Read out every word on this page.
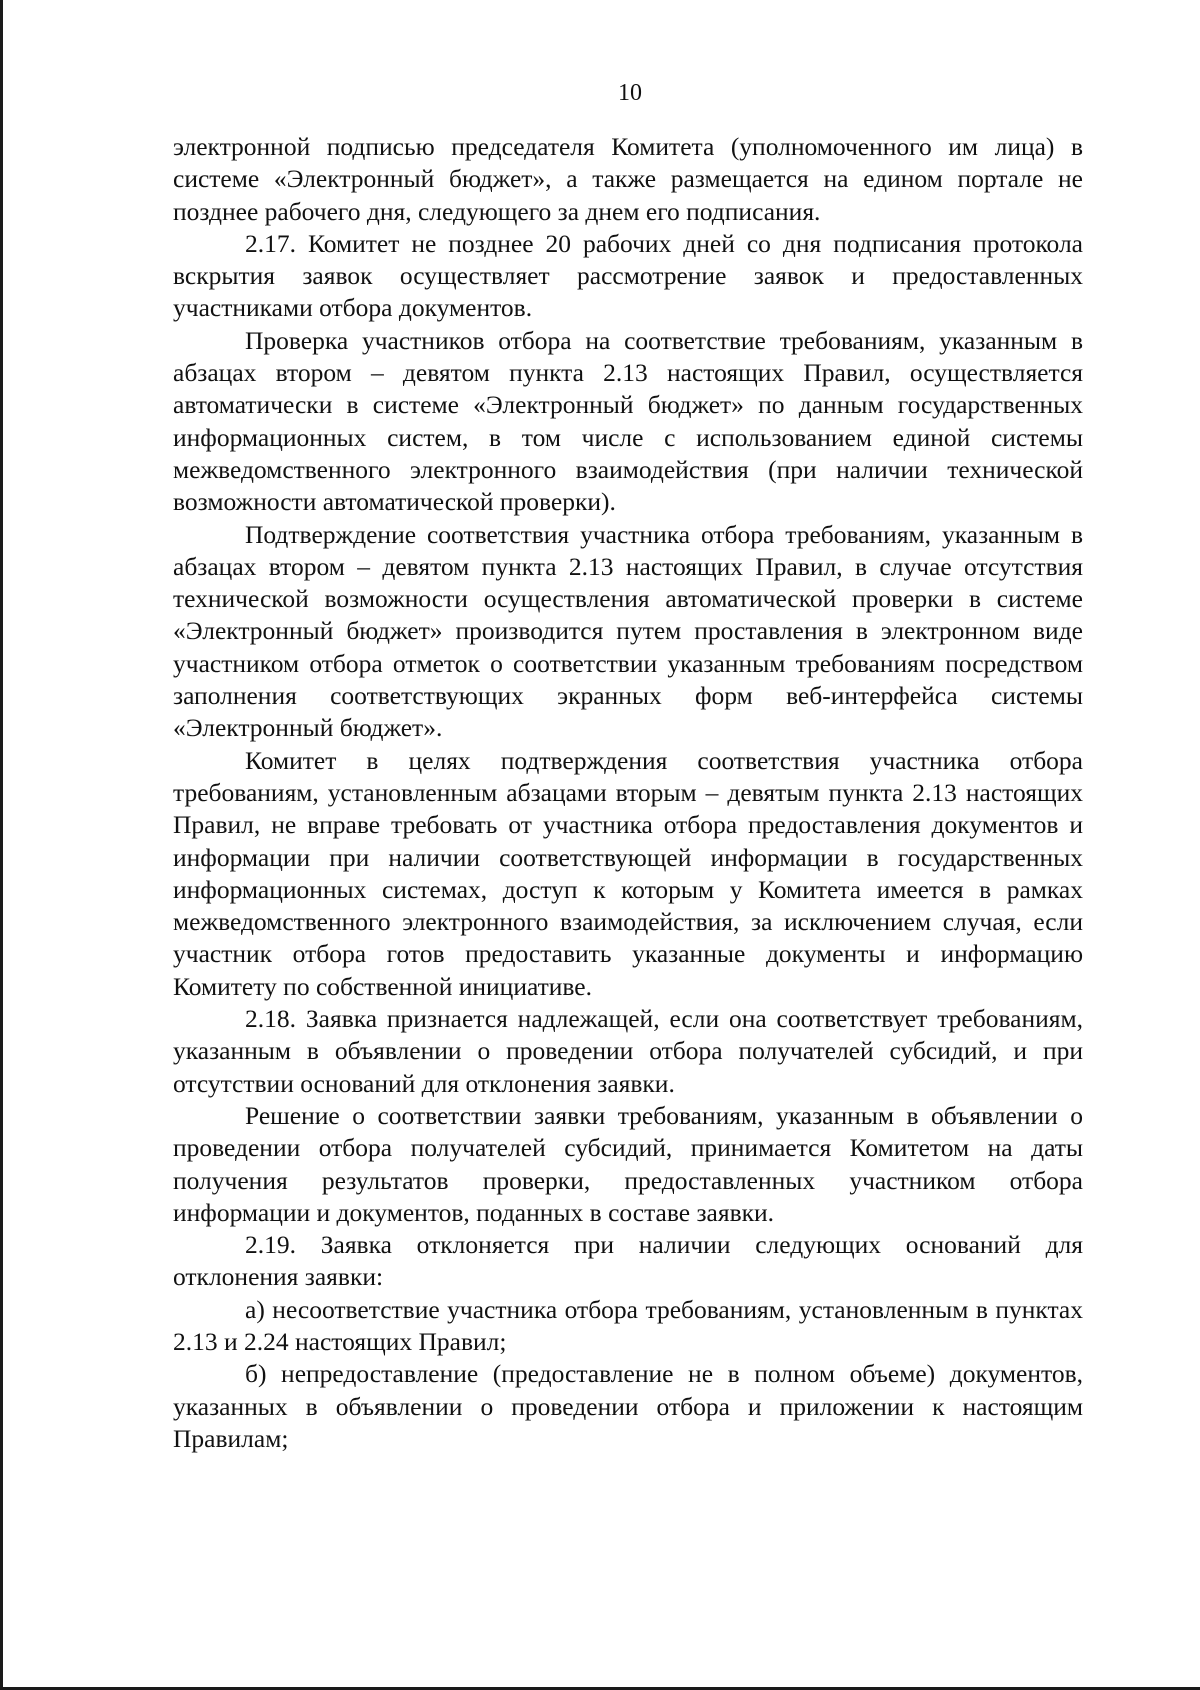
10

электронной подписью председателя Комитета (уполномоченного им лица) в системе «Электронный бюджет», а также размещается на едином портале не позднее рабочего дня, следующего за днем его подписания.

2.17. Комитет не позднее 20 рабочих дней со дня подписания протокола вскрытия заявок осуществляет рассмотрение заявок и предоставленных участниками отбора документов.

Проверка участников отбора на соответствие требованиям, указанным в абзацах втором – девятом пункта 2.13 настоящих Правил, осуществляется автоматически в системе «Электронный бюджет» по данным государственных информационных систем, в том числе с использованием единой системы межведомственного электронного взаимодействия (при наличии технической возможности автоматической проверки).

Подтверждение соответствия участника отбора требованиям, указанным в абзацах втором – девятом пункта 2.13 настоящих Правил, в случае отсутствия технической возможности осуществления автоматической проверки в системе «Электронный бюджет» производится путем проставления в электронном виде участником отбора отметок о соответствии указанным требованиям посредством заполнения соответствующих экранных форм веб-интерфейса системы «Электронный бюджет».

Комитет в целях подтверждения соответствия участника отбора требованиям, установленным абзацами вторым – девятым пункта 2.13 настоящих Правил, не вправе требовать от участника отбора предоставления документов и информации при наличии соответствующей информации в государственных информационных системах, доступ к которым у Комитета имеется в рамках межведомственного электронного взаимодействия, за исключением случая, если участник отбора готов предоставить указанные документы и информацию Комитету по собственной инициативе.

2.18. Заявка признается надлежащей, если она соответствует требованиям, указанным в объявлении о проведении отбора получателей субсидий, и при отсутствии оснований для отклонения заявки.

Решение о соответствии заявки требованиям, указанным в объявлении о проведении отбора получателей субсидий, принимается Комитетом на даты получения результатов проверки, предоставленных участником отбора информации и документов, поданных в составе заявки.

2.19. Заявка отклоняется при наличии следующих оснований для отклонения заявки:

а) несоответствие участника отбора требованиям, установленным в пунктах 2.13 и 2.24 настоящих Правил;

б) непредоставление (предоставление не в полном объеме) документов, указанных в объявлении о проведении отбора и приложении к настоящим Правилам;
